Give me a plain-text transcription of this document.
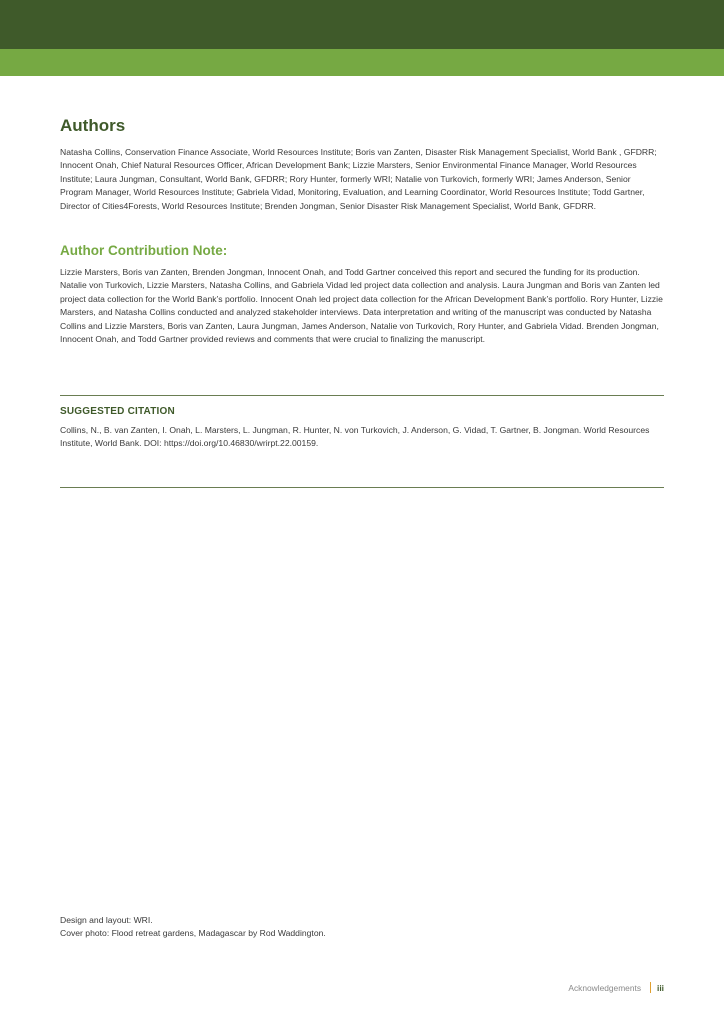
Authors

Natasha Collins, Conservation Finance Associate, World Resources Institute; Boris van Zanten, Disaster Risk Management Specialist, World Bank , GFDRR; Innocent Onah, Chief Natural Resources Officer, African Development Bank; Lizzie Marsters, Senior Environmental Finance Manager, World Resources Institute; Laura Jungman, Consultant, World Bank, GFDRR; Rory Hunter, formerly WRI; Natalie von Turkovich, formerly WRI; James Anderson, Senior Program Manager, World Resources Institute; Gabriela Vidad, Monitoring, Evaluation, and Learning Coordinator, World Resources Institute; Todd Gartner, Director of Cities4Forests, World Resources Institute; Brenden Jongman, Senior Disaster Risk Management Specialist, World Bank, GFDRR.

Author Contribution Note:

Lizzie Marsters, Boris van Zanten, Brenden Jongman, Innocent Onah, and Todd Gartner conceived this report and secured the funding for its production. Natalie von Turkovich, Lizzie Marsters, Natasha Collins, and Gabriela Vidad led project data collection and analysis. Laura Jungman and Boris van Zanten led project data collection for the World Bank’s portfolio. Innocent Onah led project data collection for the African Development Bank’s portfolio. Rory Hunter, Lizzie Marsters, and Natasha Collins conducted and analyzed stakeholder interviews. Data interpretation and writing of the manuscript was conducted by Natasha Collins and Lizzie Marsters, Boris van Zanten, Laura Jungman, James Anderson, Natalie von Turkovich, Rory Hunter, and Gabriela Vidad. Brenden Jongman, Innocent Onah, and Todd Gartner provided reviews and comments that were crucial to finalizing the manuscript.

SUGGESTED CITATION

Collins, N., B. van Zanten, I. Onah, L. Marsters, L. Jungman, R. Hunter, N. von Turkovich, J. Anderson, G. Vidad, T. Gartner, B. Jongman. World Resources Institute, World Bank. DOI: https://doi.org/10.46830/wrirpt.22.00159.

Design and layout: WRI.
Cover photo: Flood retreat gardens, Madagascar by Rod Waddington.
Acknowledgements iii
